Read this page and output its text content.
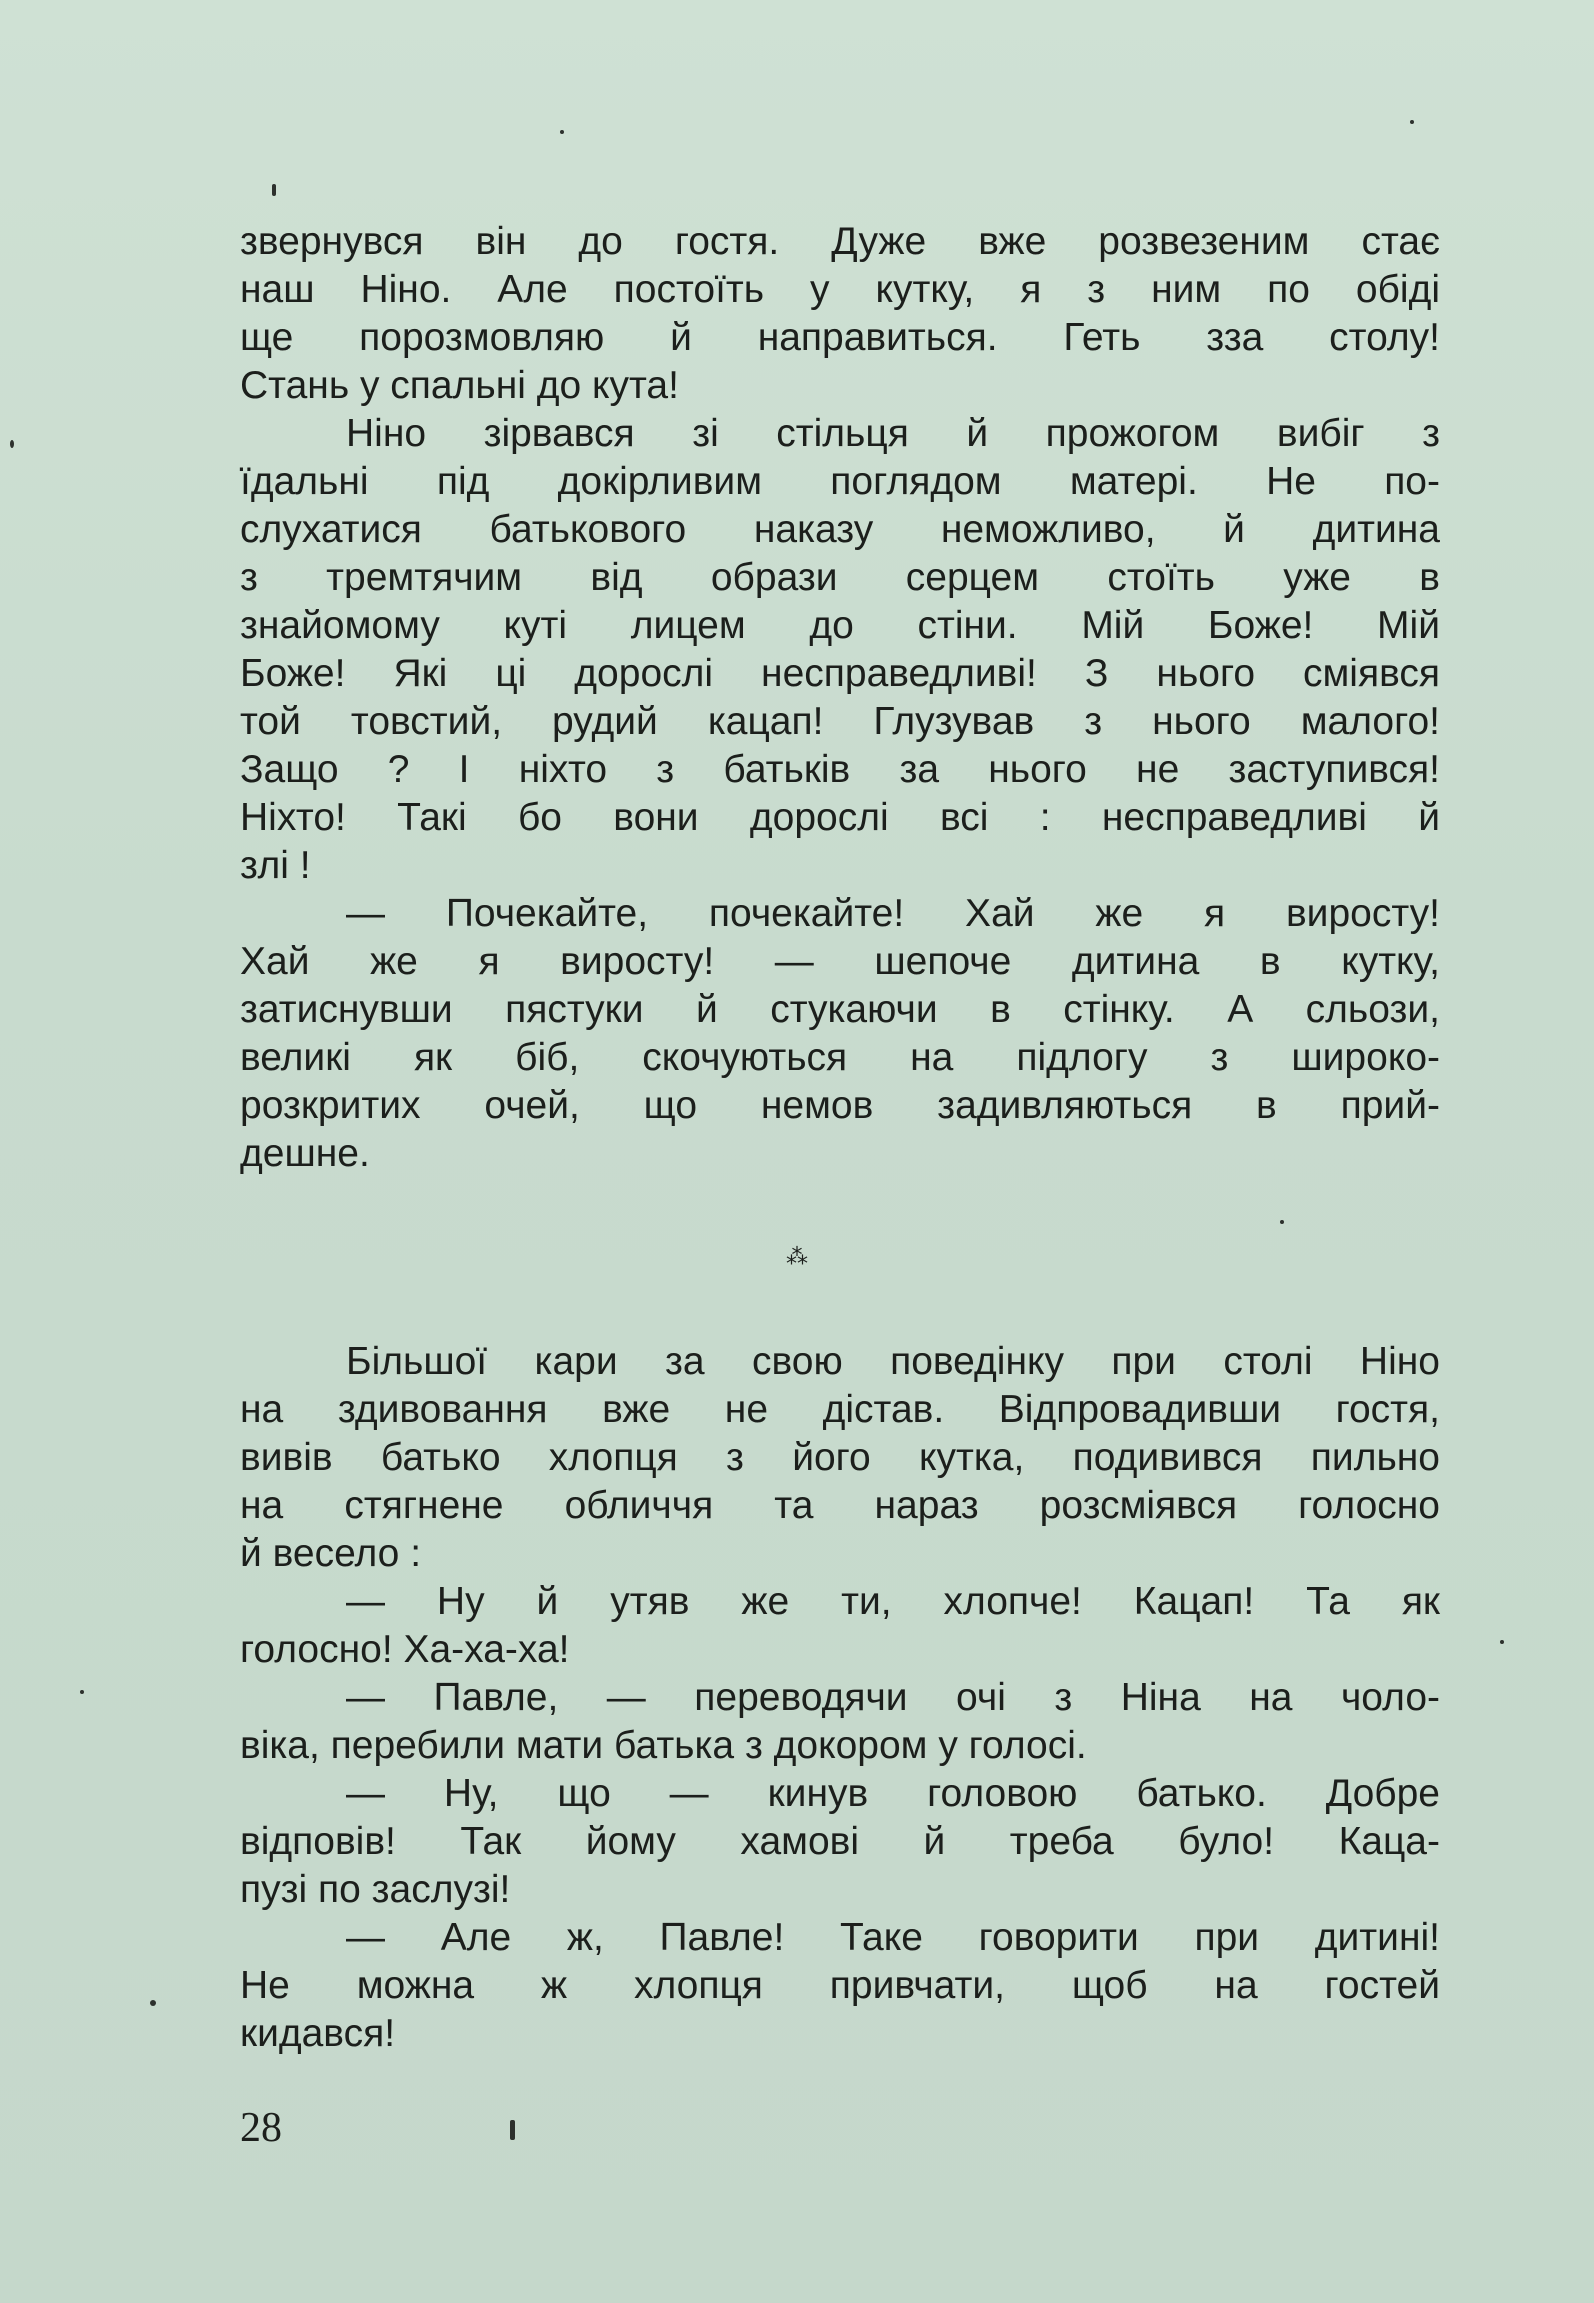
звернувся він до гостя. Дуже вже розвезеним стає
наш Ніно. Але постоїть у кутку, я з ним по обіді
ще порозмовляю й направиться. Геть зза столу!
Стань у спальні до кута!

Ніно зірвався зі стільця й прожогом вибіг з
їдальні під докірливим поглядом матері. Не по-
слухатися батькового наказу неможливо, й дитина
з тремтячим від образи серцем стоїть уже в
знайомому куті лицем до стіни. Мій Боже! Мій
Боже! Які ці дорослі несправедливі! З нього сміявся
той товстий, рудий кацап! Глузував з нього малого!
Защо ? І ніхто з батьків за нього не заступився!
Ніхто! Такі бо вони дорослі всі : несправедливі й
злі !

— Почекайте, почекайте! Хай же я виросту!
Хай же я виросту! — шепоче дитина в кутку,
затиснувши пястуки й стукаючи в стінку. А сльози,
великі як біб, скочуються на підлогу з широко-
розкритих очей, що немов задивляються в прий-
дешне.

⁂

Більшої кари за свою поведінку при столі Ніно
на здивовання вже не дістав. Відпровадивши гостя,
вивів батько хлопця з його кутка, подивився пильно
на стягнене обличчя та нараз розсміявся голосно
й весело :

— Ну й утяв же ти, хлопче! Кацап! Та як
голосно! Ха-ха-ха!

— Павле, — переводячи очі з Ніна на чоло-
віка, перебили мати батька з докором у голосі.

— Ну, що — кинув головою батько. Добре
відповів! Так йому хамові й треба було! Каца-
пузі по заслузі!

— Але ж, Павле! Таке говорити при дитині!
Не можна ж хлопця привчати, щоб на гостей
кидався!

28
